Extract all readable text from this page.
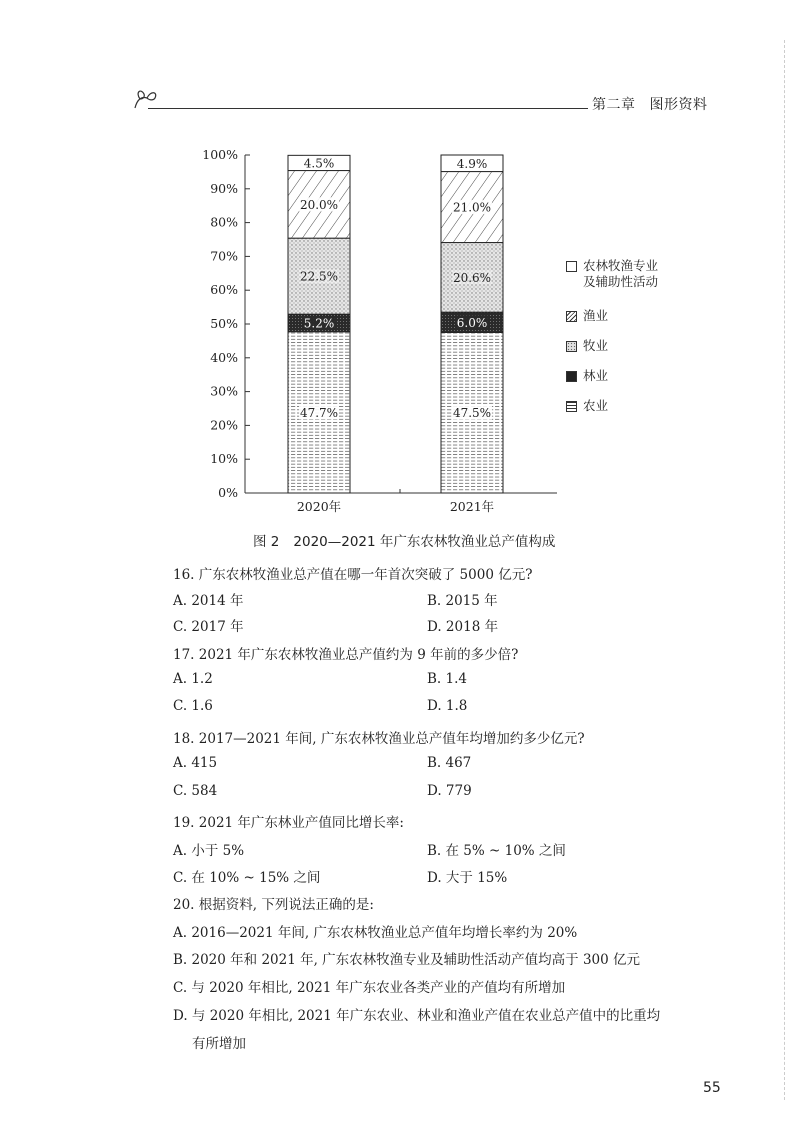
第二章 图形资料
0%
10%
20%
30%
40%
50%
60%
70%
80%
90%
100%
2020年	2021年
47.7%
5.2%
22.5%
20.0%
4.5%
47.5%
6.0%
20.6%
21.0%
4.9%
农林牧渔专业
及辅助性活动
渔业
牧业
林业
农业
图 2 2020—2021 年广东农林牧渔业总产值构成
16. 广东农林牧渔业总产值在哪一年首次突破了 5000 亿元?
A. 2014 年	B. 2015 年
C. 2017 年	D. 2018 年
17. 2021 年广东农林牧渔业总产值约为 9 年前的多少倍?
A. 1.2	B. 1.4
C. 1.6	D. 1.8
18. 2017—2021 年间, 广东农林牧渔业总产值年均增加约多少亿元?
A. 415	B. 467
C. 584	D. 779
19. 2021 年广东林业产值同比增长率:
A. 小于 5%	B. 在 5% ~ 10% 之间
C. 在 10% ~ 15% 之间	D. 大于 15%
20. 根据资料, 下列说法正确的是:
A. 2016—2021 年间, 广东农林牧渔业总产值年均增长率约为 20%
B. 2020 年和 2021 年, 广东农林牧渔专业及辅助性活动产值均高于 300 亿元
C. 与 2020 年相比, 2021 年广东农业各类产业的产值均有所增加
D. 与 2020 年相比, 2021 年广东农业、林业和渔业产值在农业总产值中的比重均
有所增加
55
